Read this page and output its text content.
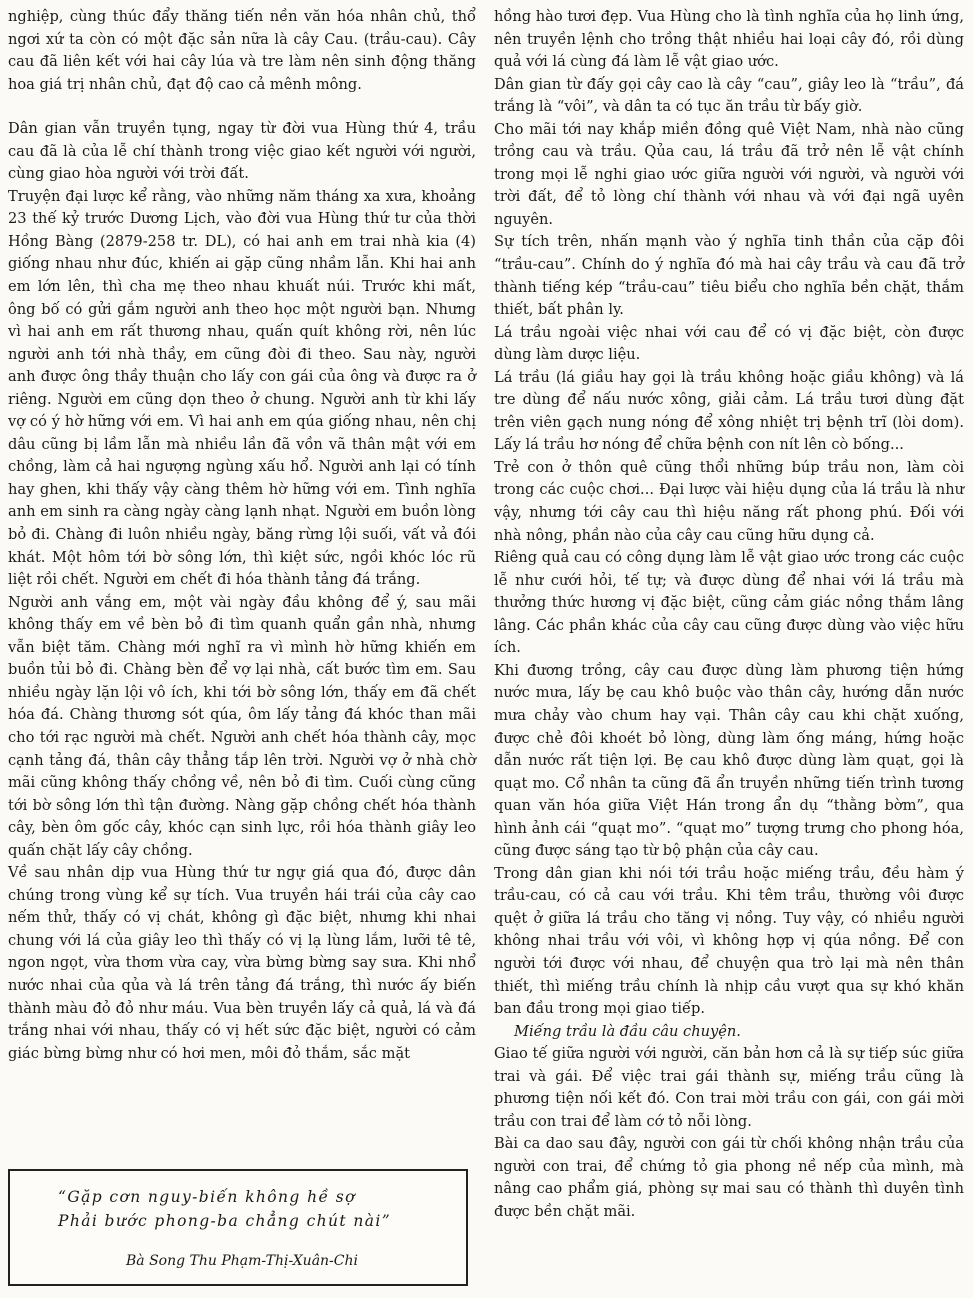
nghiệp, cùng thúc đẩy thăng tiến nền văn hóa nhân chủ, thổ ngơi xứ ta còn có một đặc sản nữa là cây Cau. (trầu-cau). Cây cau đã liên kết với hai cây lúa và tre làm nên sinh động thăng hoa giá trị nhân chủ, đạt độ cao cả mênh mông.

Dân gian vẫn truyền tụng, ngay từ đời vua Hùng thứ 4, trầu cau đã là của lễ chí thành trong việc giao kết người với người, cùng giao hòa người với trời đất.

Truyện đại lược kể rằng, vào những năm tháng xa xưa, khoảng 23 thế kỷ trước Dương Lịch, vào đời vua Hùng thứ tư của thời Hồng Bàng (2879-258 tr. DL), có hai anh em trai nhà kia (4) giống nhau như đúc, khiến ai gặp cũng nhầm lẫn. Khi hai anh em lớn lên, thì cha mẹ theo nhau khuất núi. Trước khi mất, ông bố có gửi gắm người anh theo học một người bạn. Nhưng vì hai anh em rất thương nhau, quấn quít không rời, nên lúc người anh tới nhà thầy, em cũng đòi đi theo. Sau này, người anh được ông thầy thuận cho lấy con gái của ông và được ra ở riêng. Người em cũng dọn theo ở chung. Người anh từ khi lấy vợ có ý hờ hững với em. Vì hai anh em qúa giống nhau, nên chị dâu cũng bị lầm lẫn mà nhiều lần đã vồn vã thân mật với em chồng, làm cả hai ngượng ngùng xấu hổ. Người anh lại có tính hay ghen, khi thấy vậy càng thêm hờ hững với em. Tình nghĩa anh em sinh ra càng ngày càng lạnh nhạt. Người em buồn lòng bỏ đi. Chàng đi luôn nhiều ngày, băng rừng lội suối, vất vả đói khát. Một hôm tới bờ sông lớn, thì kiệt sức, ngồi khóc lóc rũ liệt rồi chết. Người em chết đi hóa thành tảng đá trắng.

Người anh vắng em, một vài ngày đầu không để ý, sau mãi không thấy em về bèn bỏ đi tìm quanh quẩn gần nhà, nhưng vẫn biệt tăm. Chàng mới nghĩ ra vì mình hờ hững khiến em buồn tủi bỏ đi. Chàng bèn để vợ lại nhà, cất bước tìm em. Sau nhiều ngày lặn lội vô ích, khi tới bờ sông lớn, thấy em đã chết hóa đá. Chàng thương sót qúa, ôm lấy tảng đá khóc than mãi cho tới rạc người mà chết. Người anh chết hóa thành cây, mọc cạnh tảng đá, thân cây thẳng tắp lên trời. Người vợ ở nhà chờ mãi cũng không thấy chồng về, nên bỏ đi tìm. Cuối cùng cũng tới bờ sông lớn thì tận đường. Nàng gặp chồng chết hóa thành cây, bèn ôm gốc cây, khóc cạn sinh lực, rồi hóa thành giây leo quấn chặt lấy cây chồng.

Về sau nhân dịp vua Hùng thứ tư ngự giá qua đó, được dân chúng trong vùng kể sự tích. Vua truyền hái trái của cây cao nếm thử, thấy có vị chát, không gì đặc biệt, nhưng khi nhai chung với lá của giây leo thì thấy có vị lạ lùng lắm, lưỡi tê tê, ngon ngọt, vừa thơm vừa cay, vừa bừng bừng say sưa. Khi nhổ nước nhai của qủa và lá trên tảng đá trắng, thì nước ấy biến thành màu đỏ đỏ như máu. Vua bèn truyền lấy cả quả, lá và đá trắng nhai với nhau, thấy có vị hết sức đặc biệt, người có cảm giác bừng bừng như có hơi men, môi đỏ thắm, sắc mặt

hồng hào tươi đẹp. Vua Hùng cho là tình nghĩa của họ linh ứng, nên truyền lệnh cho trồng thật nhiều hai loại cây đó, rồi dùng quả với lá cùng đá làm lễ vật giao ước.

Dân gian từ đấy gọi cây cao là cây “cau”, giây leo là “trầu”, đá trắng là “vôi”, và dân ta có tục ăn trầu từ bấy giờ.

Cho mãi tới nay khắp miền đồng quê Việt Nam, nhà nào cũng trồng cau và trầu. Qủa cau, lá trầu đã trở nên lễ vật chính trong mọi lễ nghi giao ước giữa người với người, và người với trời đất, để tỏ lòng chí thành với nhau và với đại ngã uyên nguyên.

Sự tích trên, nhấn mạnh vào ý nghĩa tinh thần của cặp đôi “trầu-cau”. Chính do ý nghĩa đó mà hai cây trầu và cau đã trở thành tiếng kép “trầu-cau” tiêu biểu cho nghĩa bền chặt, thắm thiết, bất phân ly.

Lá trầu ngoài việc nhai với cau để có vị đặc biệt, còn được dùng làm dược liệu.

Lá trầu (lá giầu hay gọi là trầu không hoặc giầu không) và lá tre dùng để nấu nước xông, giải cảm. Lá trầu tươi dùng đặt trên viên gạch nung nóng để xông nhiệt trị bệnh trĩ (lòi dom). Lấy lá trầu hơ nóng để chữa bệnh con nít lên cò bống...

Trẻ con ở thôn quê cũng thổi những búp trầu non, làm còi trong các cuộc chơi... Đại lược vài hiệu dụng của lá trầu là như vậy, nhưng tới cây cau thì hiệu năng rất phong phú. Đối với nhà nông, phần nào của cây cau cũng hữu dụng cả.

Riêng quả cau có công dụng làm lễ vật giao ước trong các cuộc lễ như cưới hỏi, tế tự; và được dùng để nhai với lá trầu mà thưởng thức hương vị đặc biệt, cũng cảm giác nồng thắm lâng lâng. Các phần khác của cây cau cũng được dùng vào việc hữu ích.

Khi đương trồng, cây cau được dùng làm phương tiện hứng nước mưa, lấy bẹ cau khô buộc vào thân cây, hướng dẫn nước mưa chảy vào chum hay vại. Thân cây cau khi chặt xuống, được chẻ đôi khoét bỏ lòng, dùng làm ống máng, hứng hoặc dẫn nước rất tiện lợi. Bẹ cau khô được dùng làm quạt, gọi là quạt mo. Cổ nhân ta cũng đã ẩn truyền những tiến trình tương quan văn hóa giữa Việt Hán trong ẩn dụ “thằng bờm”, qua hình ảnh cái “quạt mo”. “quạt mo” tượng trưng cho phong hóa, cũng được sáng tạo từ bộ phận của cây cau.

Trong dân gian khi nói tới trầu hoặc miếng trầu, đều hàm ý trầu-cau, có cả cau với trầu. Khi têm trầu, thường vôi được quệt ở giữa lá trầu cho tăng vị nồng. Tuy vậy, có nhiều người không nhai trầu với vôi, vì không hợp vị qúa nồng. Để con người tới được với nhau, để chuyện qua trò lại mà nên thân thiết, thì miếng trầu chính là nhịp cầu vượt qua sự khó khăn ban đầu trong mọi giao tiếp.

Miếng trầu là đầu câu chuyện.

Giao tế giữa người với người, căn bản hơn cả là sự tiếp súc giữa trai và gái. Để việc trai gái thành sự, miếng trầu cũng là phương tiện nối kết đó. Con trai mời trầu con gái, con gái mời trầu con trai để làm cớ tỏ nỗi lòng.

Bài ca dao sau đây, người con gái từ chối không nhận trầu của người con trai, để chứng tỏ gia phong nề nếp của mình, mà nâng cao phẩm giá, phòng sự mai sau có thành thì duyên tình được bền chặt mãi.

“Gặp cơn nguy-biến không hề sợ

Phải bước phong-ba chẳng chút nài”

Bà Song Thu Phạm-Thị-Xuân-Chi
